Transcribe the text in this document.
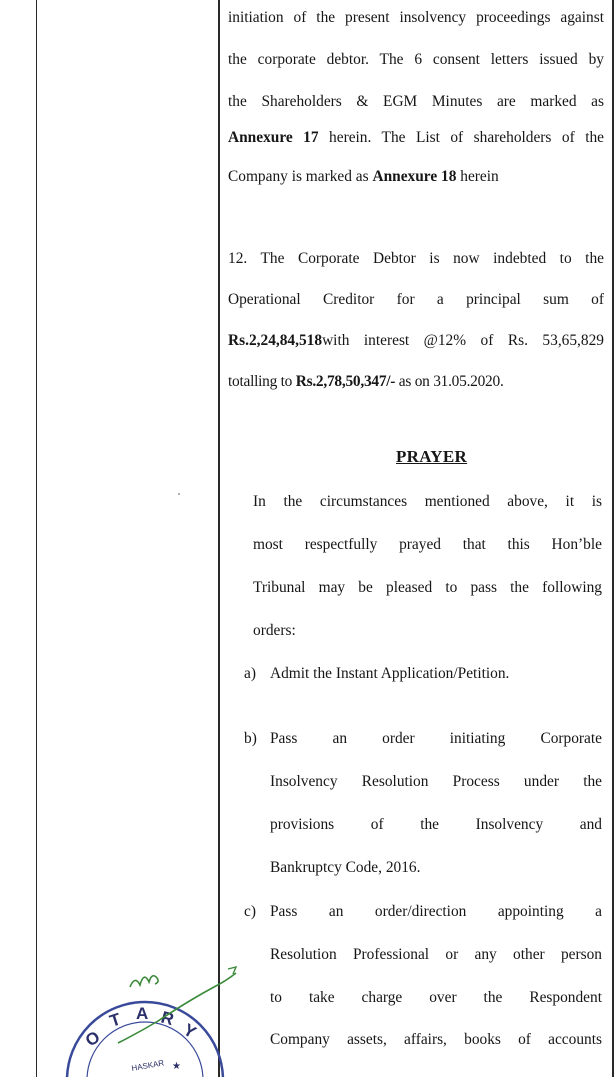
initiation of the present insolvency proceedings against
the corporate debtor. The 6 consent letters issued by
the Shareholders & EGM Minutes are marked as
Annexure 17 herein. The List of shareholders of the
Company is marked as Annexure 18 herein
12. The Corporate Debtor is now indebted to the
Operational Creditor for a principal sum of
Rs.2,24,84,518with interest @12% of Rs. 53,65,829
totalling to Rs.2,78,50,347/- as on 31.05.2020.
PRAYER
In the circumstances mentioned above, it is
most respectfully prayed that this Hon’ble
Tribunal may be pleased to pass the following
orders:
a) Admit the Instant Application/Petition.
b) Pass an order initiating Corporate
Insolvency Resolution Process under the
provisions of the Insolvency and
Bankruptcy Code, 2016.
c) Pass an order/direction appointing a
Resolution Professional or any other person
to take charge over the Respondent
Company assets, affairs, books of accounts
O
T A R
Y
HASKAR ★
